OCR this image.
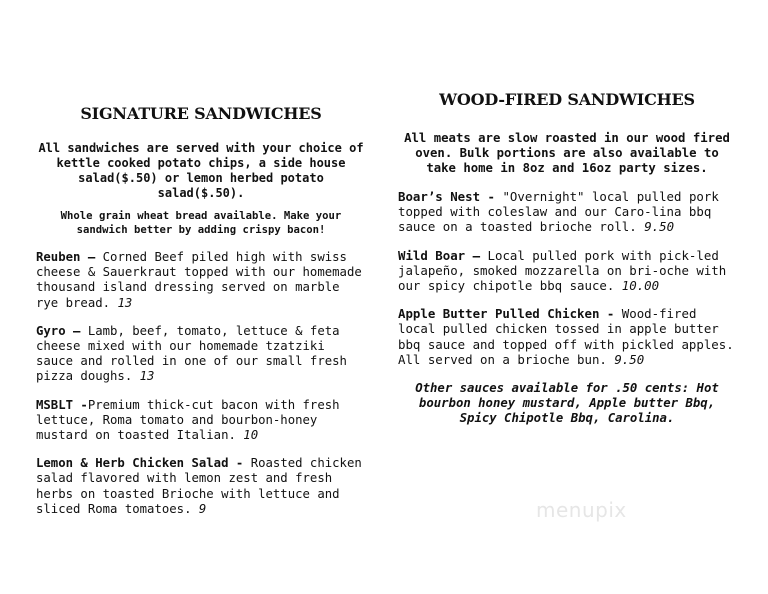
SIGNATURE SANDWICHES

All sandwiches are served with your choice of kettle cooked potato chips, a side house salad($.50) or lemon herbed potato salad($.50).

Whole grain wheat bread available. Make your sandwich better by adding crispy bacon!

Reuben – Corned Beef piled high with swiss cheese & Sauerkraut topped with our homemade thousand island dressing served on marble rye bread. 13

Gyro – Lamb, beef, tomato, lettuce & feta cheese mixed with our homemade tzatziki sauce and rolled in one of our small fresh pizza doughs. 13

MSBLT -Premium thick-cut bacon with fresh lettuce, Roma tomato and bourbon-honey mustard on toasted Italian. 10

Lemon & Herb Chicken Salad - Roasted chicken salad flavored with lemon zest and fresh herbs on toasted Brioche with lettuce and sliced Roma tomatoes. 9

WOOD-FIRED SANDWICHES

All meats are slow roasted in our wood fired oven. Bulk portions are also available to take home in 8oz and 16oz party sizes.

Boar’s Nest - "Overnight" local pulled pork topped with coleslaw and our Caro-lina bbq sauce on a toasted brioche roll. 9.50

Wild Boar – Local pulled pork with pick-led jalapeño, smoked mozzarella on bri-oche with our spicy chipotle bbq sauce. 10.00

Apple Butter Pulled Chicken - Wood-fired local pulled chicken tossed in apple butter bbq sauce and topped off with pickled apples. All served on a brioche bun. 9.50

Other sauces available for .50 cents: Hot bourbon honey mustard, Apple butter Bbq, Spicy Chipotle Bbq, Carolina.

menupix
